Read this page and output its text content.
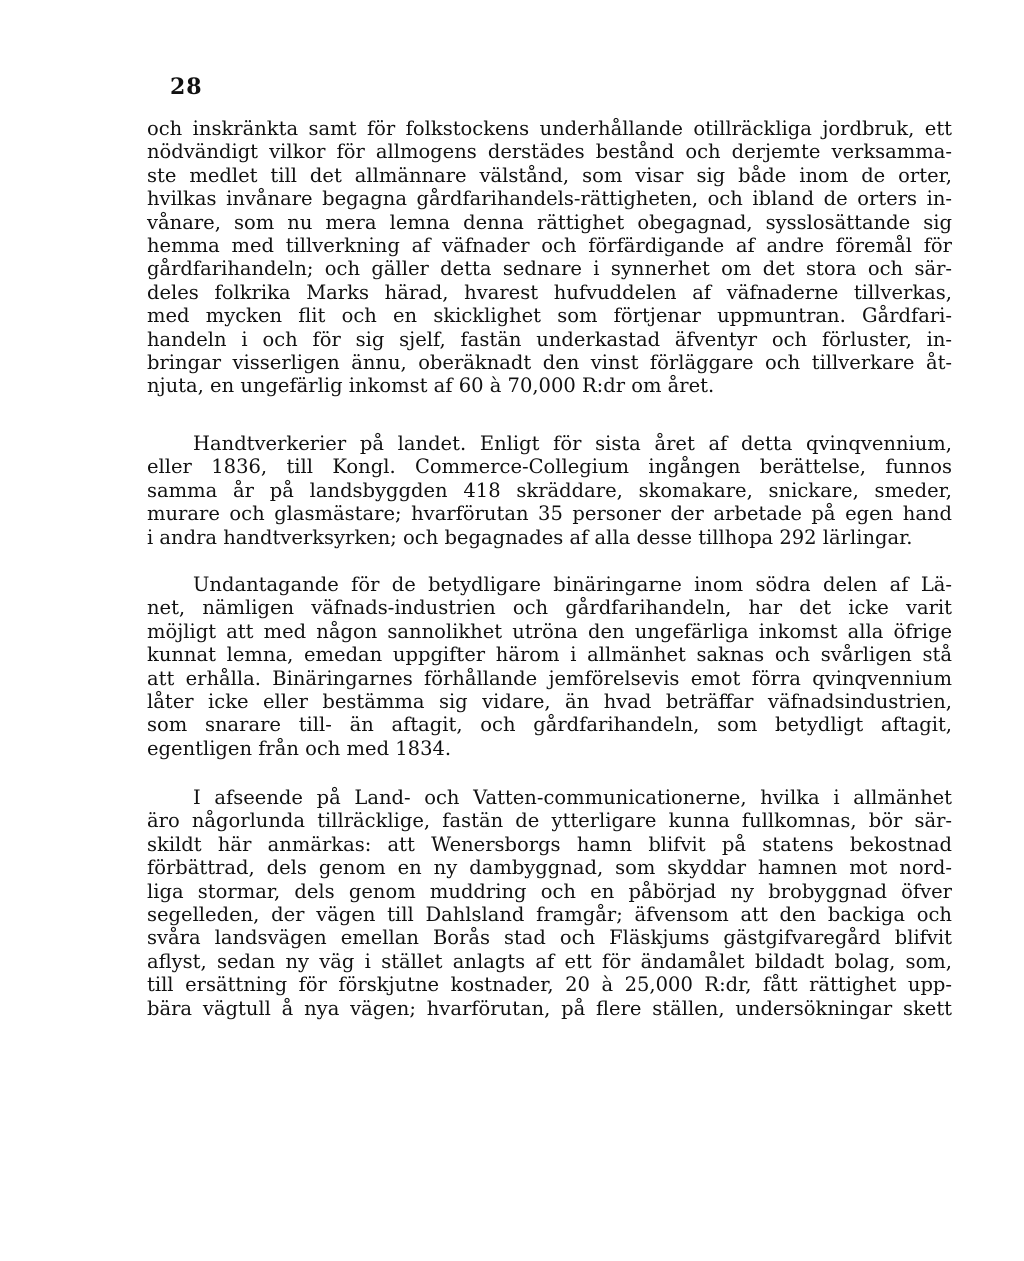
28
och inskränkta samt för folkstockens underhållande otillräckliga jordbruk, ett
nödvändigt vilkor för allmogens derstädes bestånd och derjemte verksamma-
ste medlet till det allmännare välstånd, som visar sig både inom de orter,
hvilkas invånare begagna gårdfarihandels-rättigheten, och ibland de orters in-
vånare, som nu mera lemna denna rättighet obegagnad, sysslosättande sig
hemma med tillverkning af väfnader och förfärdigande af andre föremål för
gårdfarihandeln; och gäller detta sednare i synnerhet om det stora och sär-
deles folkrika Marks härad, hvarest hufvuddelen af väfnaderne tillverkas,
med mycken flit och en skicklighet som förtjenar uppmuntran. Gårdfari-
handeln i och för sig sjelf, fastän underkastad äfventyr och förluster, in-
bringar visserligen ännu, oberäknadt den vinst förläggare och tillverkare åt-
njuta, en ungefärlig inkomst af 60 à 70,000 R:dr om året.
Handtverkerier på landet. Enligt för sista året af detta qvinqvennium,
eller 1836, till Kongl. Commerce-Collegium ingången berättelse, funnos
samma år på landsbyggden 418 skräddare, skomakare, snickare, smeder,
murare och glasmästare; hvarförutan 35 personer der arbetade på egen hand
i andra handtverksyrken; och begagnades af alla desse tillhopa 292 lärlingar.
Undantagande för de betydligare binäringarne inom södra delen af Lä-
net, nämligen väfnads-industrien och gårdfarihandeln, har det icke varit
möjligt att med någon sannolikhet utröna den ungefärliga inkomst alla öfrige
kunnat lemna, emedan uppgifter härom i allmänhet saknas och svårligen stå
att erhålla. Binäringarnes förhållande jemförelsevis emot förra qvinqvennium
låter icke eller bestämma sig vidare, än hvad beträffar väfnadsindustrien,
som snarare till- än aftagit, och gårdfarihandeln, som betydligt aftagit,
egentligen från och med 1834.
I afseende på Land- och Vatten-communicationerne, hvilka i allmänhet
äro någorlunda tillräcklige, fastän de ytterligare kunna fullkomnas, bör sär-
skildt här anmärkas: att Wenersborgs hamn blifvit på statens bekostnad
förbättrad, dels genom en ny dambyggnad, som skyddar hamnen mot nord-
liga stormar, dels genom muddring och en påbörjad ny brobyggnad öfver
segelleden, der vägen till Dahlsland framgår; äfvensom att den backiga och
svåra landsvägen emellan Borås stad och Fläskjums gästgifvaregård blifvit
aflyst, sedan ny väg i stället anlagts af ett för ändamålet bildadt bolag, som,
till ersättning för förskjutne kostnader, 20 à 25,000 R:dr, fått rättighet upp-
bära vägtull å nya vägen; hvarförutan, på flere ställen, undersökningar skett
